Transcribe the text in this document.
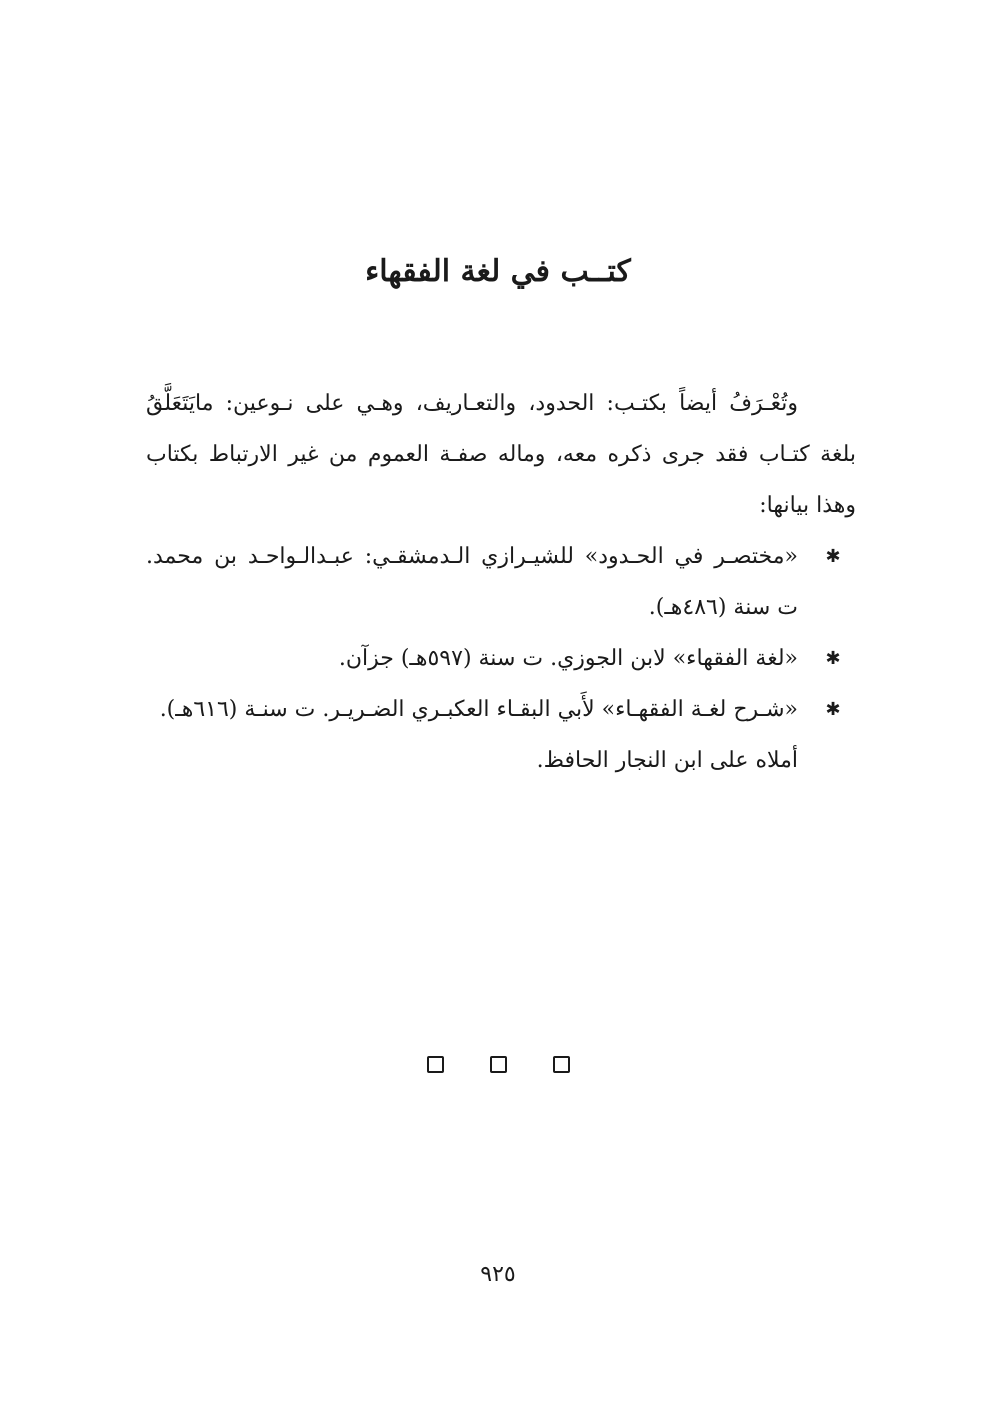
كتــب في لغة الفقهاء

وتُعْـرَفُ أيضاً بكتـب: الحدود، والتعـاريف، وهـي على نـوعين: مايَتَعَلَّقُ بلغة كتـاب فقد جرى ذكره معه، وماله صفـة العموم من غير الارتباط بكتاب وهذا بيانها:

✱
«مختصـر في الحـدود» للشيـرازي الـدمشقـي: عبـدالـواحـد بن محمد. ت سنة (٤٨٦هـ).
✱
«لغة الفقهاء» لابن الجوزي. ت سنة (٥٩٧هـ) جزآن.
✱
«شـرح لغـة الفقهـاء» لأَبي البقـاء العكبـري الضـريـر. ت سنـة (٦١٦هـ).

أملاه على ابن النجار الحافظ.

٩٢٥
